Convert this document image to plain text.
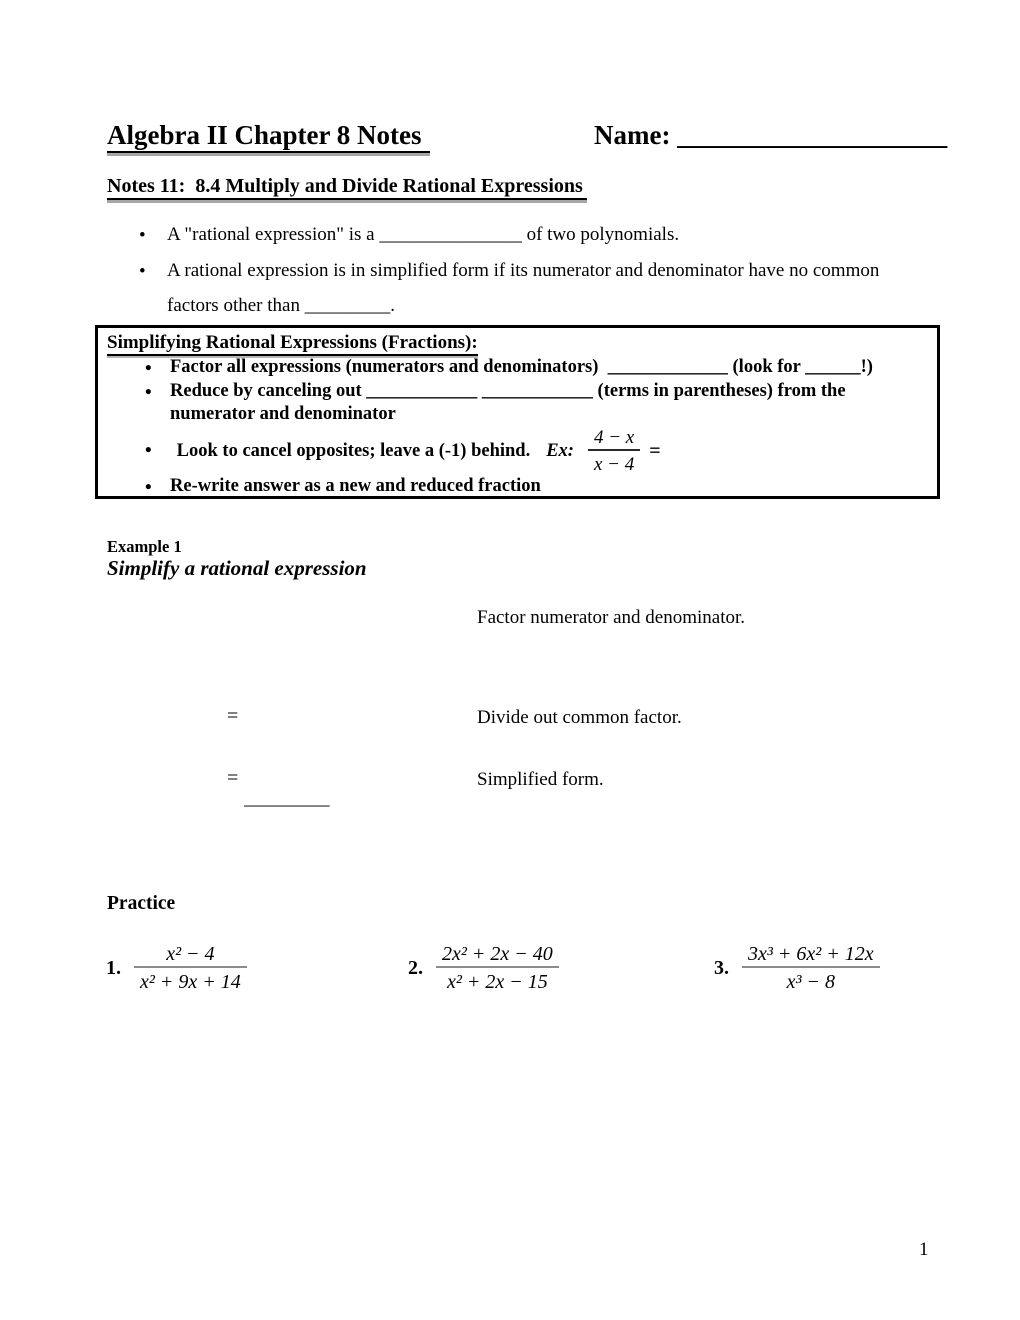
Algebra II Chapter 8 Notes	Name: ____________________
Notes 11:  8.4 Multiply and Divide Rational Expressions
• A "rational expression" is a _______________ of two polynomials.
• A rational expression is in simplified form if its numerator and denominator have no common
factors other than _________.
Simplifying Rational Expressions (Fractions):
• Factor all expressions (numerators and denominators)  _____________ (look for ______!)
• Reduce by canceling out ____________ ____________ (terms in parentheses) from the
numerator and denominator
• Look to cancel opposites; leave a (-1) behind. Ex: $\frac{4 - x}{x - 4}$ =
• Re-write answer as a new and reduced fraction
Example 1
Simplify a rational expression
Factor numerator and denominator.
=	Divide out common factor.
=	Simplified form.
_________
Practice
1. $\frac{\text{x² − 4}}{\text{x² + 9x + 14}}$	2. $\frac{\text{2x² + 2x − 40}}{\text{x² + 2x − 15}}$	3. $\frac{\text{3x³ + 6x² + 12x}}{\text{x³ − 8}}$
1
